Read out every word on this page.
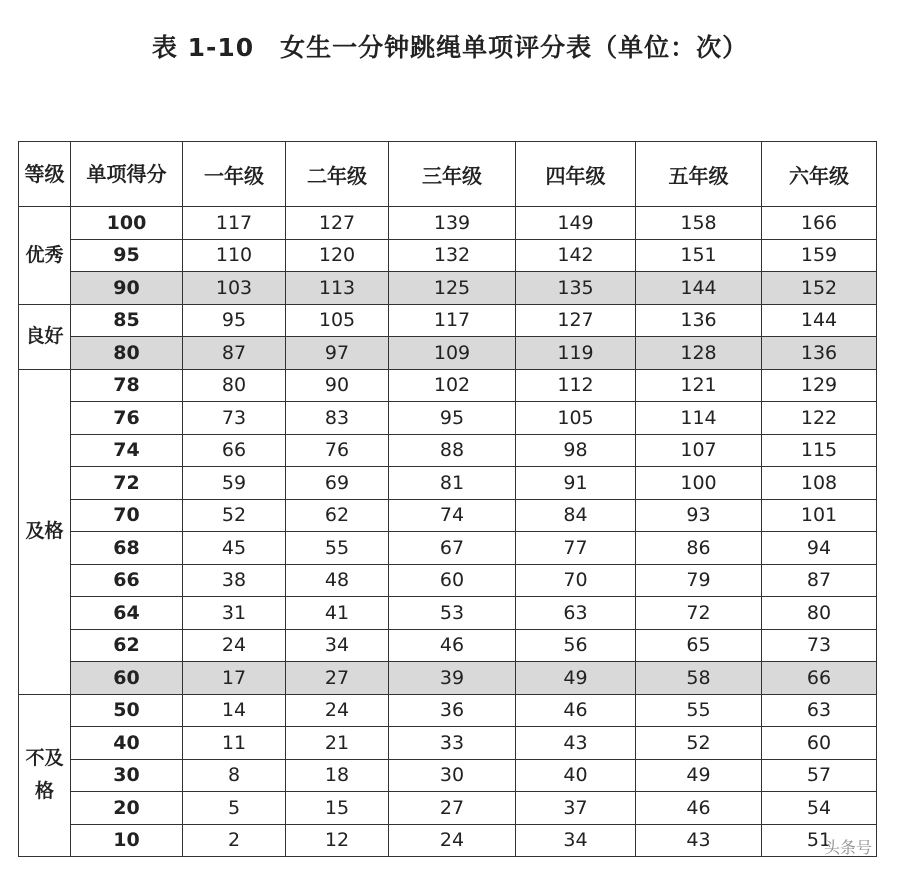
表 1-10　女生一分钟跳绳单项评分表（单位：次）
等级	单项得分	一年级	二年级	三年级	四年级	五年级	六年级
优秀	100	117	127	139	149	158	166
	95	110	120	132	142	151	159
	90	103	113	125	135	144	152
良好	85	95	105	117	127	136	144
	80	87	97	109	119	128	136
及格	78	80	90	102	112	121	129
	76	73	83	95	105	114	122
	74	66	76	88	98	107	115
	72	59	69	81	91	100	108
	70	52	62	74	84	93	101
	68	45	55	67	77	86	94
	66	38	48	60	70	79	87
	64	31	41	53	63	72	80
	62	24	34	46	56	65	73
	60	17	27	39	49	58	66
不及格	50	14	24	36	46	55	63
	40	11	21	33	43	52	60
	30	8	18	30	40	49	57
	20	5	15	27	37	46	54
	10	2	12	24	34	43	51
头条号
